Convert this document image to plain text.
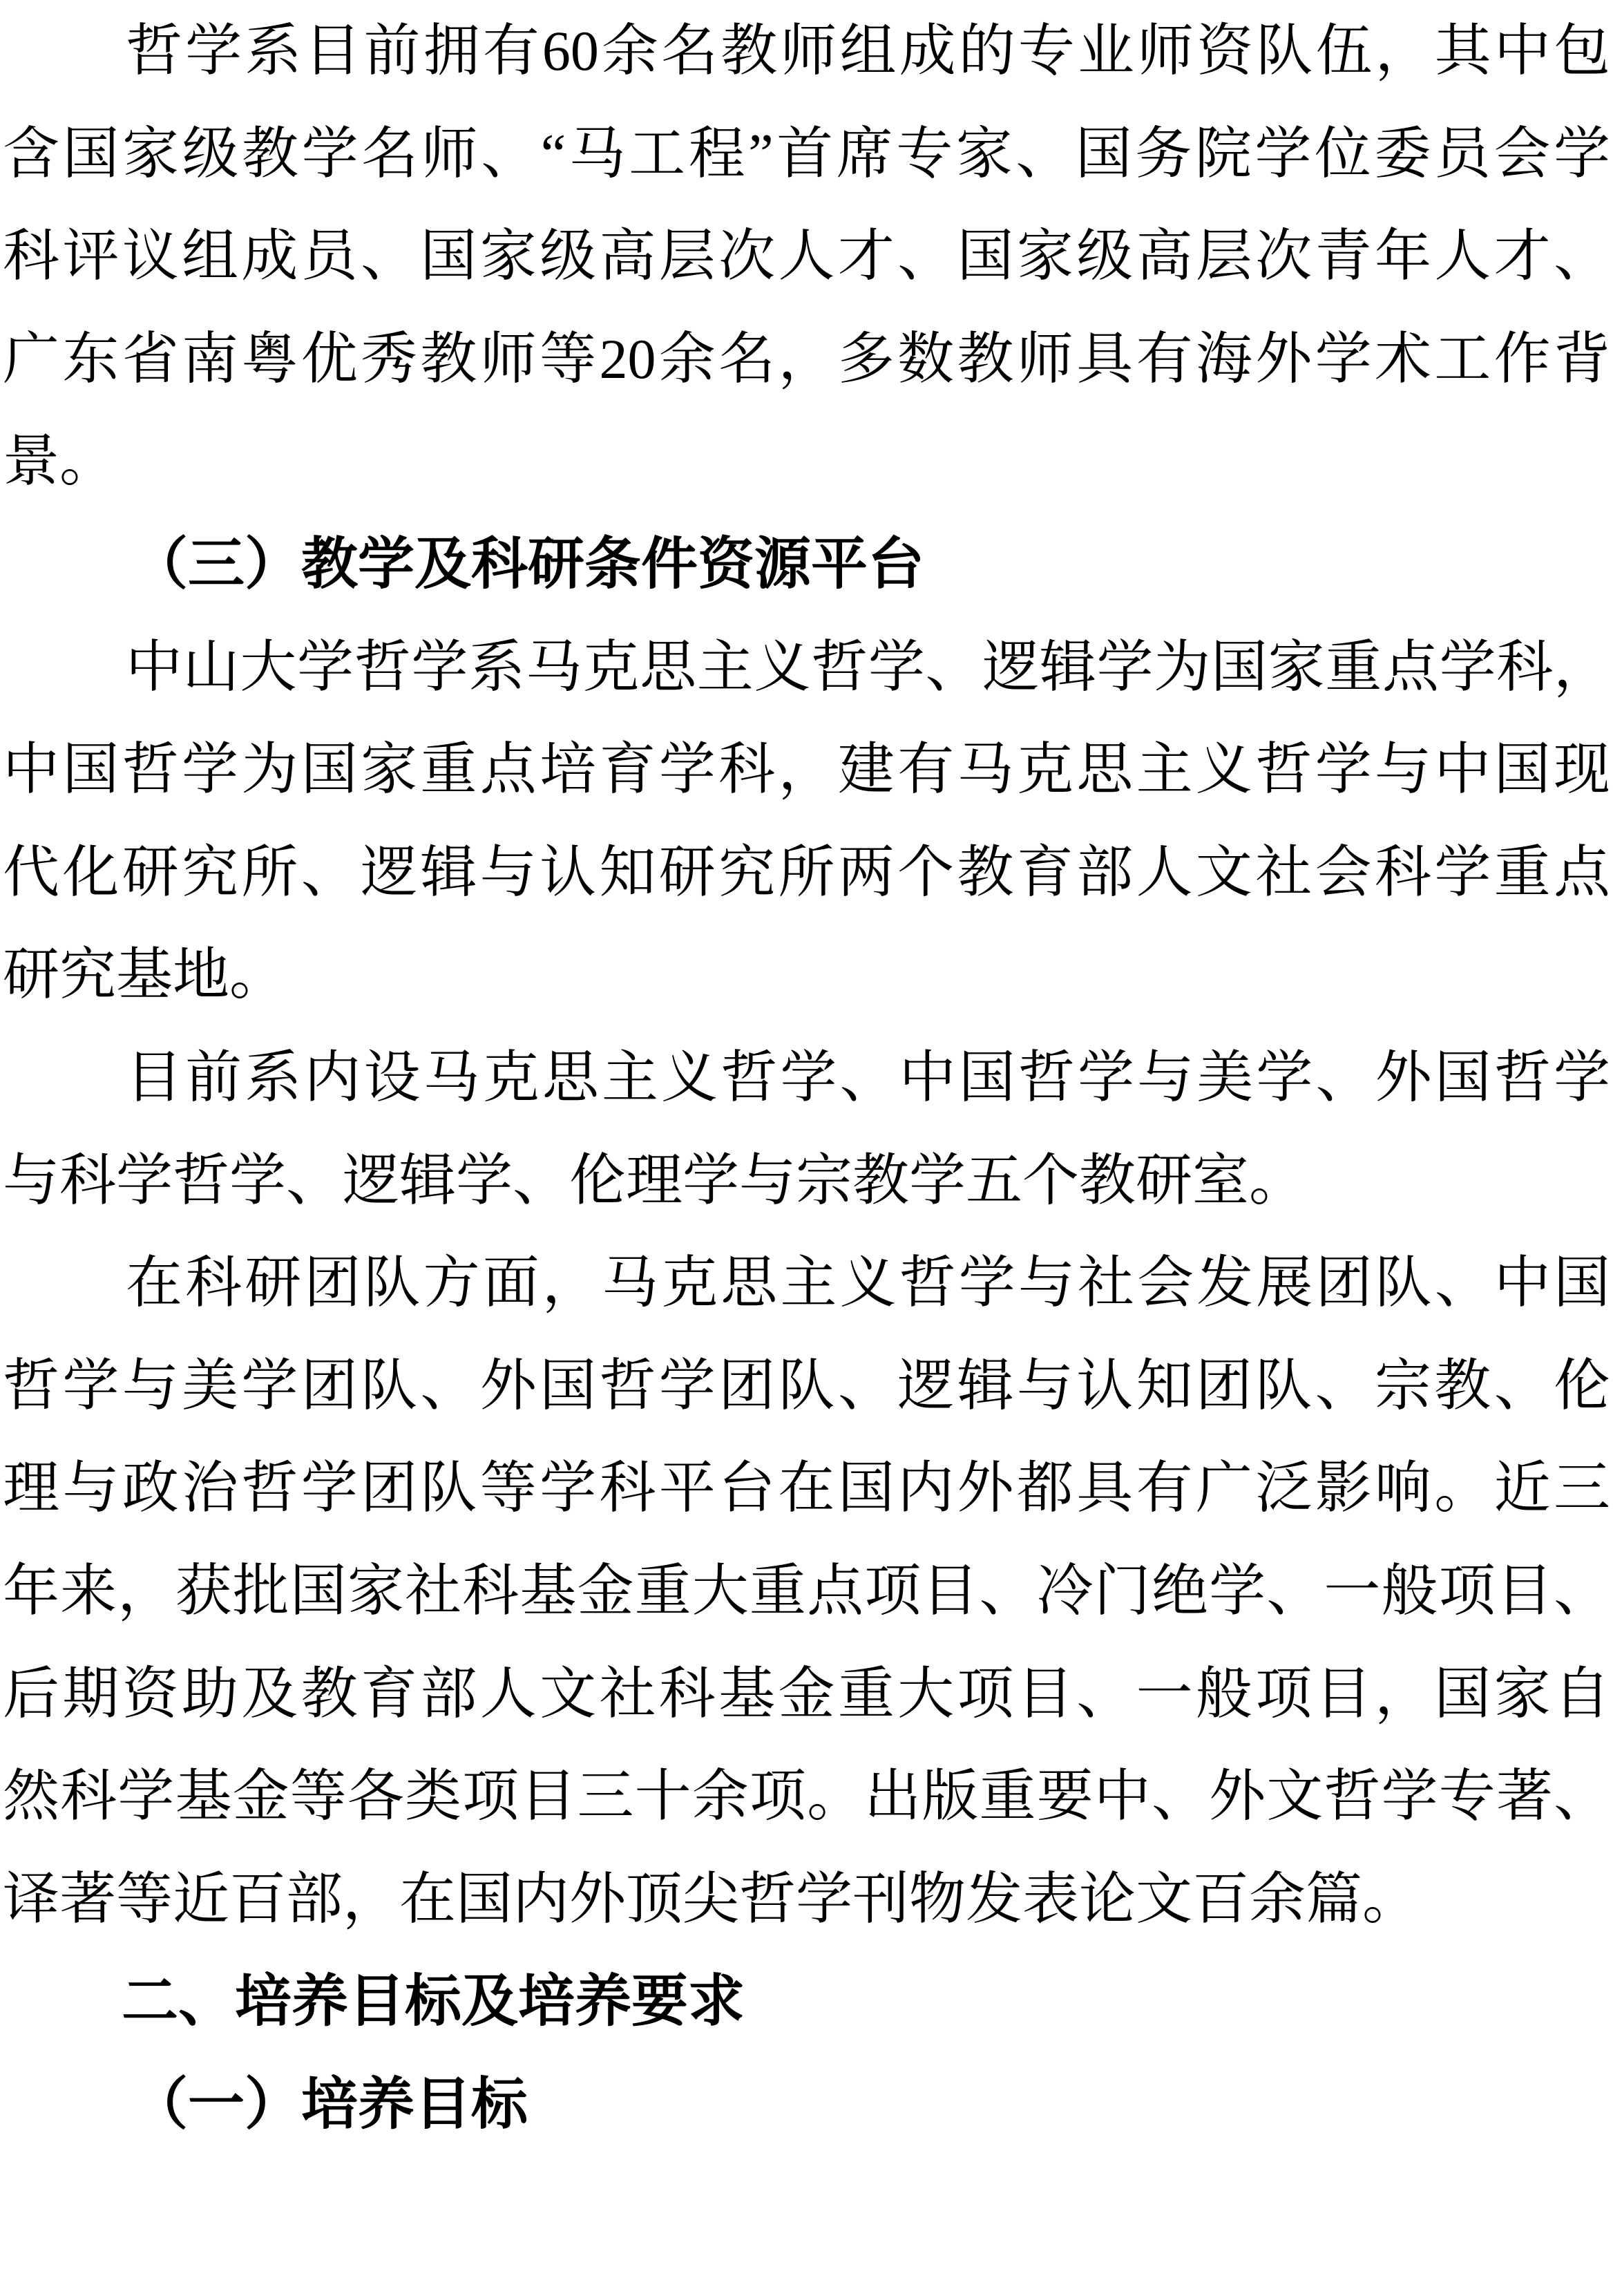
哲学系目前拥有60余名教师组成的专业师资队伍，其中包
含国家级教学名师、“马工程”首席专家、国务院学位委员会学
科评议组成员、国家级高层次人才、国家级高层次青年人才、
广东省南粤优秀教师等20余名，多数教师具有海外学术工作背
景。
（三）教学及科研条件资源平台
中山大学哲学系马克思主义哲学、逻辑学为国家重点学科，
中国哲学为国家重点培育学科，建有马克思主义哲学与中国现
代化研究所、逻辑与认知研究所两个教育部人文社会科学重点
研究基地。
目前系内设马克思主义哲学、中国哲学与美学、外国哲学
与科学哲学、逻辑学、伦理学与宗教学五个教研室。
在科研团队方面，马克思主义哲学与社会发展团队、中国
哲学与美学团队、外国哲学团队、逻辑与认知团队、宗教、伦
理与政治哲学团队等学科平台在国内外都具有广泛影响。近三
年来，获批国家社科基金重大重点项目、冷门绝学、一般项目、
后期资助及教育部人文社科基金重大项目、一般项目，国家自
然科学基金等各类项目三十余项。出版重要中、外文哲学专著、
译著等近百部，在国内外顶尖哲学刊物发表论文百余篇。
二、培养目标及培养要求
（一）培养目标
